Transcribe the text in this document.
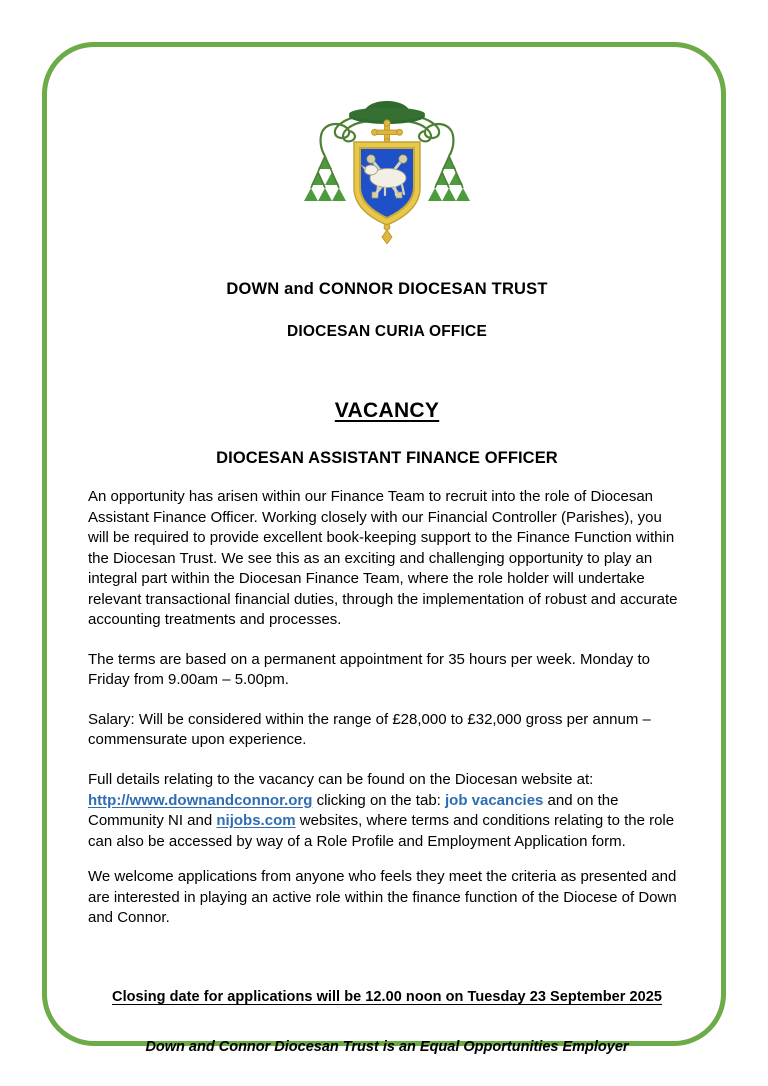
DOWN and CONNOR DIOCESAN TRUST
DIOCESAN CURIA OFFICE
VACANCY
DIOCESAN ASSISTANT FINANCE OFFICER

An opportunity has arisen within our Finance Team to recruit into the role of Diocesan Assistant Finance Officer. Working closely with our Financial Controller (Parishes), you will be required to provide excellent book-keeping support to the Finance Function within the Diocesan Trust. We see this as an exciting and challenging opportunity to play an integral part within the Diocesan Finance Team, where the role holder will undertake relevant transactional financial duties, through the implementation of robust and accurate accounting treatments and processes.

The terms are based on a permanent appointment for 35 hours per week. Monday to Friday from 9.00am – 5.00pm.

Salary: Will be considered within the range of £28,000 to £32,000 gross per annum – commensurate upon experience.

Full details relating to the vacancy can be found on the Diocesan website at: http://www.downandconnor.org clicking on the tab: job vacancies and on the Community NI and nijobs.com websites, where terms and conditions relating to the role can also be accessed by way of a Role Profile and Employment Application form.

We welcome applications from anyone who feels they meet the criteria as presented and are interested in playing an active role within the finance function of the Diocese of Down and Connor.

Closing date for applications will be 12.00 noon on Tuesday 23 September 2025
Down and Connor Diocesan Trust is an Equal Opportunities Employer
